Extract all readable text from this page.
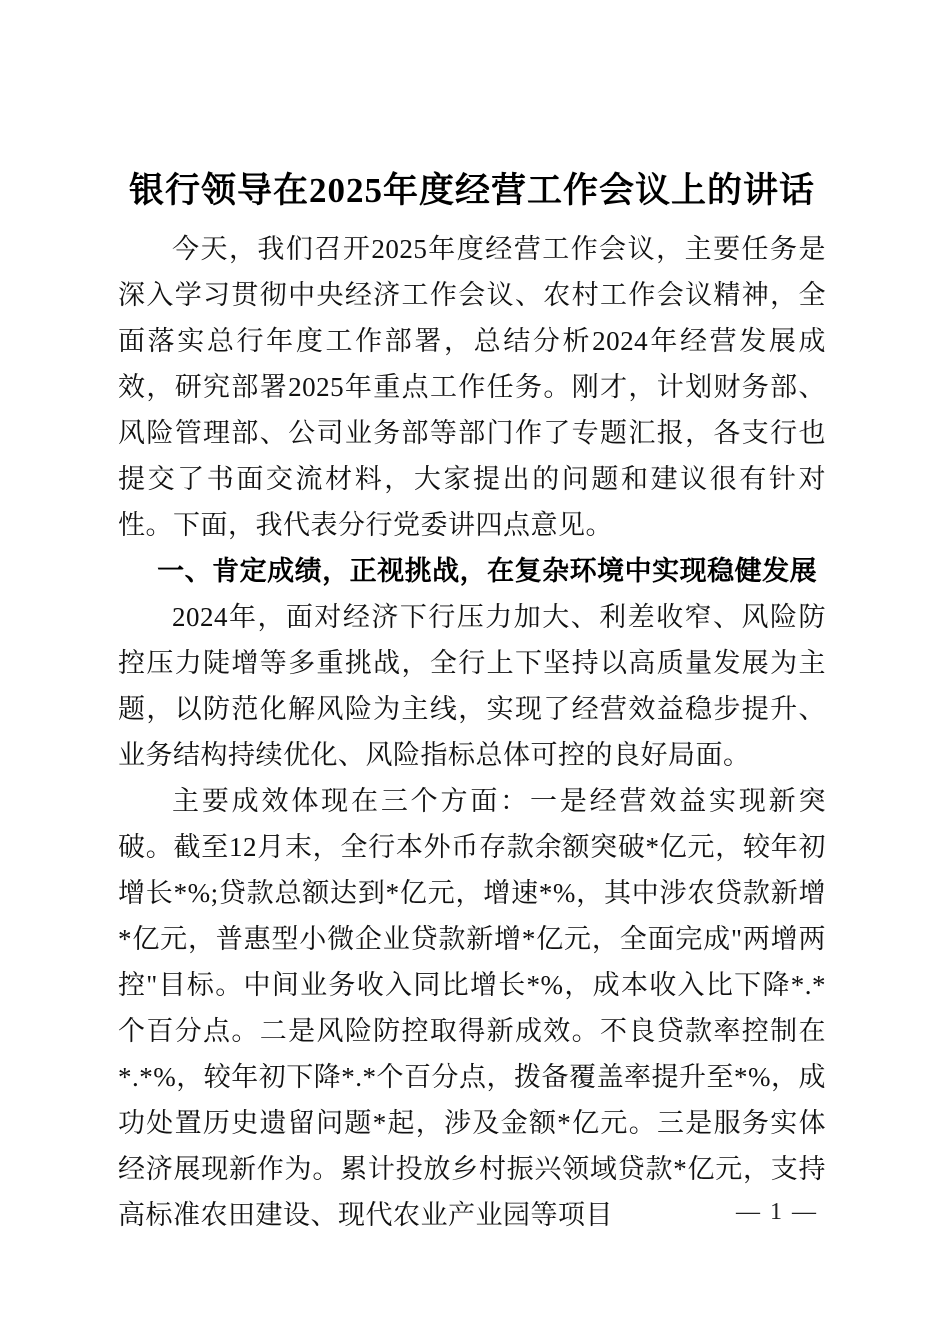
银行领导在2025年度经营工作会议上的讲话

今天，我们召开2025年度经营工作会议，主要任务是深入学习贯彻中央经济工作会议、农村工作会议精神，全面落实总行年度工作部署，总结分析2024年经营发展成效，研究部署2025年重点工作任务。刚才，计划财务部、风险管理部、公司业务部等部门作了专题汇报，各支行也提交了书面交流材料，大家提出的问题和建议很有针对性。下面，我代表分行党委讲四点意见。

一、肯定成绩，正视挑战，在复杂环境中实现稳健发展

2024年，面对经济下行压力加大、利差收窄、风险防控压力陡增等多重挑战，全行上下坚持以高质量发展为主题，以防范化解风险为主线，实现了经营效益稳步提升、业务结构持续优化、风险指标总体可控的良好局面。

主要成效体现在三个方面：一是经营效益实现新突破。截至12月末，全行本外币存款余额突破*亿元，较年初增长*%;贷款总额达到*亿元，增速*%，其中涉农贷款新增*亿元，普惠型小微企业贷款新增*亿元，全面完成"两增两控"目标。中间业务收入同比增长*%，成本收入比下降*.*个百分点。二是风险防控取得新成效。不良贷款率控制在*.*%，较年初下降*.*个百分点，拨备覆盖率提升至*%，成功处置历史遗留问题*起，涉及金额*亿元。三是服务实体经济展现新作为。累计投放乡村振兴领域贷款*亿元，支持高标准农田建设、现代农业产业园等项目	— 1 —
